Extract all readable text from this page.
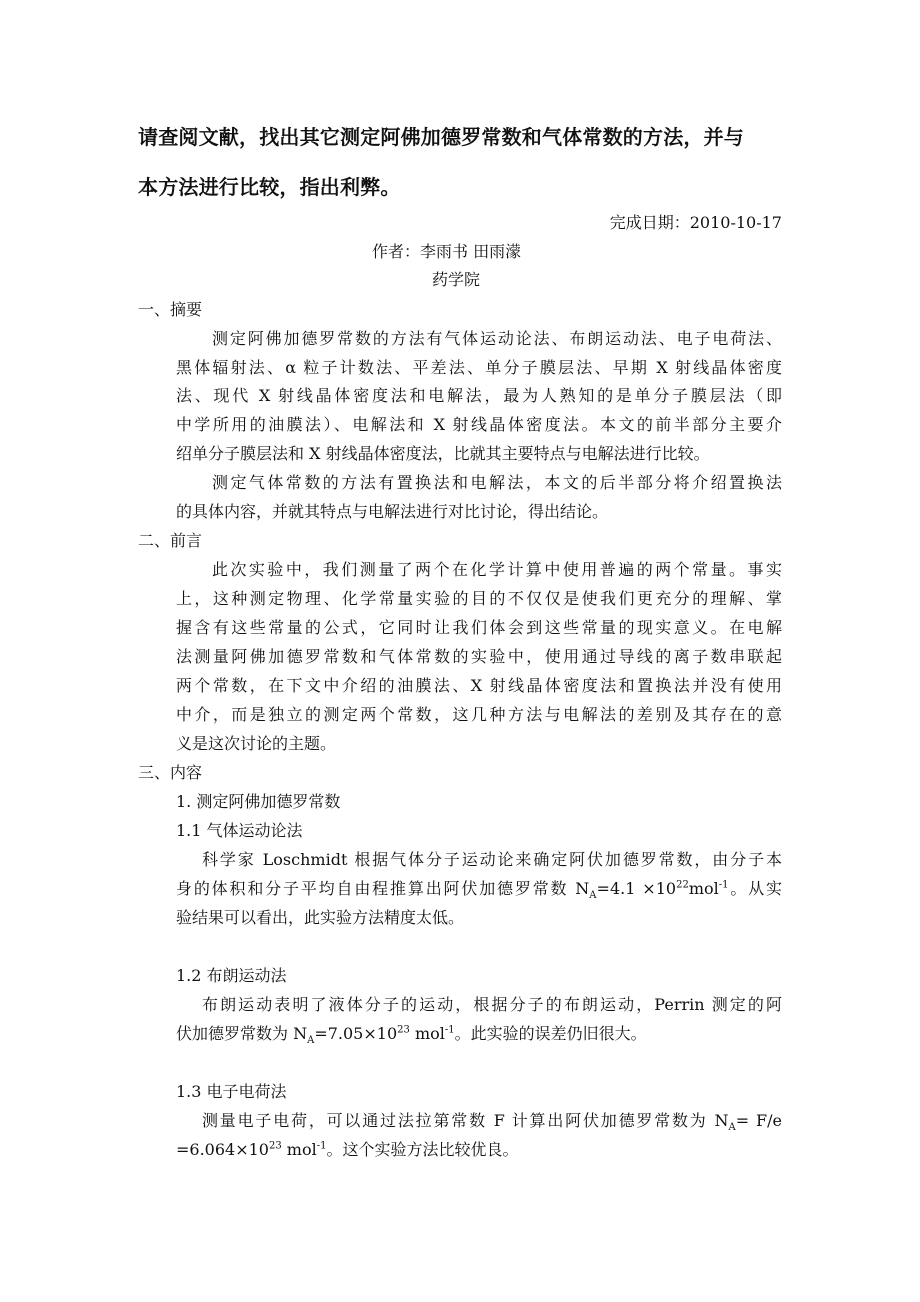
请查阅文献，找出其它测定阿佛加德罗常数和气体常数的方法，并与
本方法进行比较，指出利弊。
完成日期：2010-10-17
作者：李雨书 田雨濛
药学院
一、摘要
测定阿佛加德罗常数的方法有气体运动论法、布朗运动法、电子电荷法、
黑体辐射法、α 粒子计数法、平差法、单分子膜层法、早期 X 射线晶体密度
法、现代 X 射线晶体密度法和电解法，最为人熟知的是单分子膜层法（即
中学所用的油膜法）、电解法和 X 射线晶体密度法。本文的前半部分主要介
绍单分子膜层法和 X 射线晶体密度法，比就其主要特点与电解法进行比较。
测定气体常数的方法有置换法和电解法，本文的后半部分将介绍置换法
的具体内容，并就其特点与电解法进行对比讨论，得出结论。
二、前言
此次实验中，我们测量了两个在化学计算中使用普遍的两个常量。事实
上，这种测定物理、化学常量实验的目的不仅仅是使我们更充分的理解、掌
握含有这些常量的公式，它同时让我们体会到这些常量的现实意义。在电解
法测量阿佛加德罗常数和气体常数的实验中，使用通过导线的离子数串联起
两个常数，在下文中介绍的油膜法、X 射线晶体密度法和置换法并没有使用
中介，而是独立的测定两个常数，这几种方法与电解法的差别及其存在的意
义是这次讨论的主题。
三、内容
1. 测定阿佛加德罗常数
1.1 气体运动论法
科学家 Loschmidt 根据气体分子运动论来确定阿伏加德罗常数，由分子本
身的体积和分子平均自由程推算出阿伏加德罗常数 $N_A=4.1 \times 10^{22}mol^{-1}$。从实
验结果可以看出，此实验方法精度太低。
1.2 布朗运动法
布朗运动表明了液体分子的运动，根据分子的布朗运动，Perrin 测定的阿
伏加德罗常数为 $N_A=7.05\times 10^{23}$ mol$^{-1}$。此实验的误差仍旧很大。
1.3 电子电荷法
测量电子电荷，可以通过法拉第常数 F 计算出阿伏加德罗常数为 $N_A= F/e$
$=6.064\times 10^{23}$ mol$^{-1}$。这个实验方法比较优良。
